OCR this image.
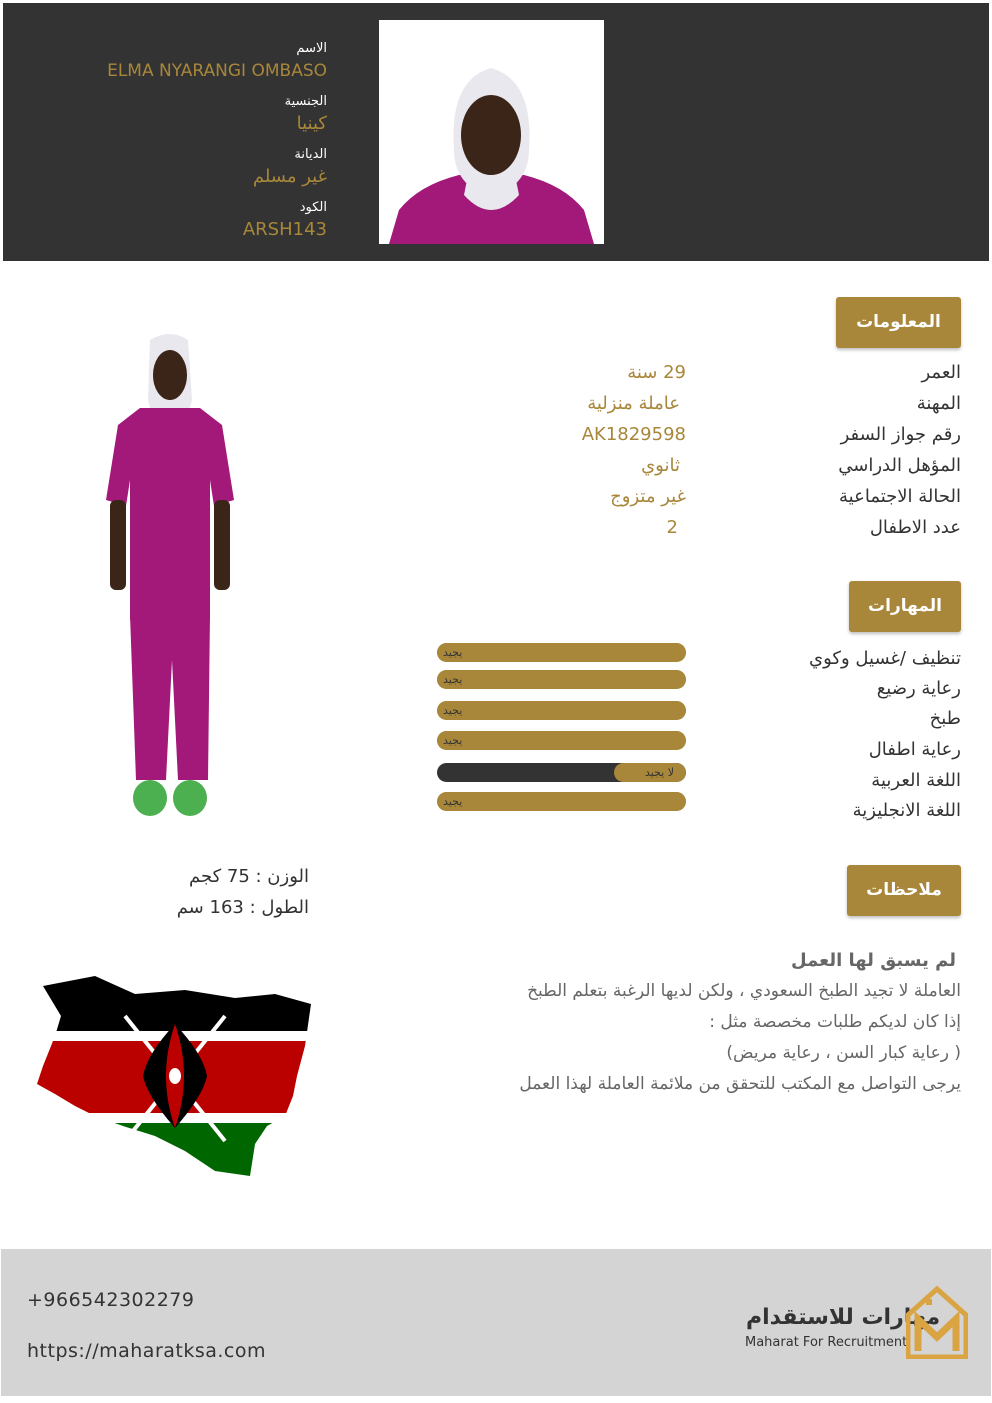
الاسم
ELMA NYARANGI OMBASO
الجنسية
كينيا
الديانة
غير مسلم
الكود
ARSH143
المعلومات
العمر
29 سنة
المهنة
عاملة منزلية
رقم جواز السفر
AK1829598
المؤهل الدراسي
ثانوي
الحالة الاجتماعية
غير متزوج
عدد الاطفال
2
المهارات
تنظيف /غسيل وكوي
رعاية رضيع
طبخ
رعاية اطفال
اللغة العربية
اللغة الانجليزية
يجيد
يجيد
يجيد
يجيد
لا يجيد
يجيد
ملاحظات
لم يسبق لها العمل
العاملة لا تجيد الطبخ السعودي ، ولكن لديها الرغبة بتعلم الطبخ
إذا كان لديكم طلبات مخصصة مثل :
( رعاية كبار السن ، رعاية مريض)
يرجى التواصل مع المكتب للتحقق من ملائمة العاملة لهذا العمل
الوزن : 75 كجم
الطول : 163 سم
+966542302279
https://maharatksa.com
مهارات للاستقدام
Maharat For Recruitment
